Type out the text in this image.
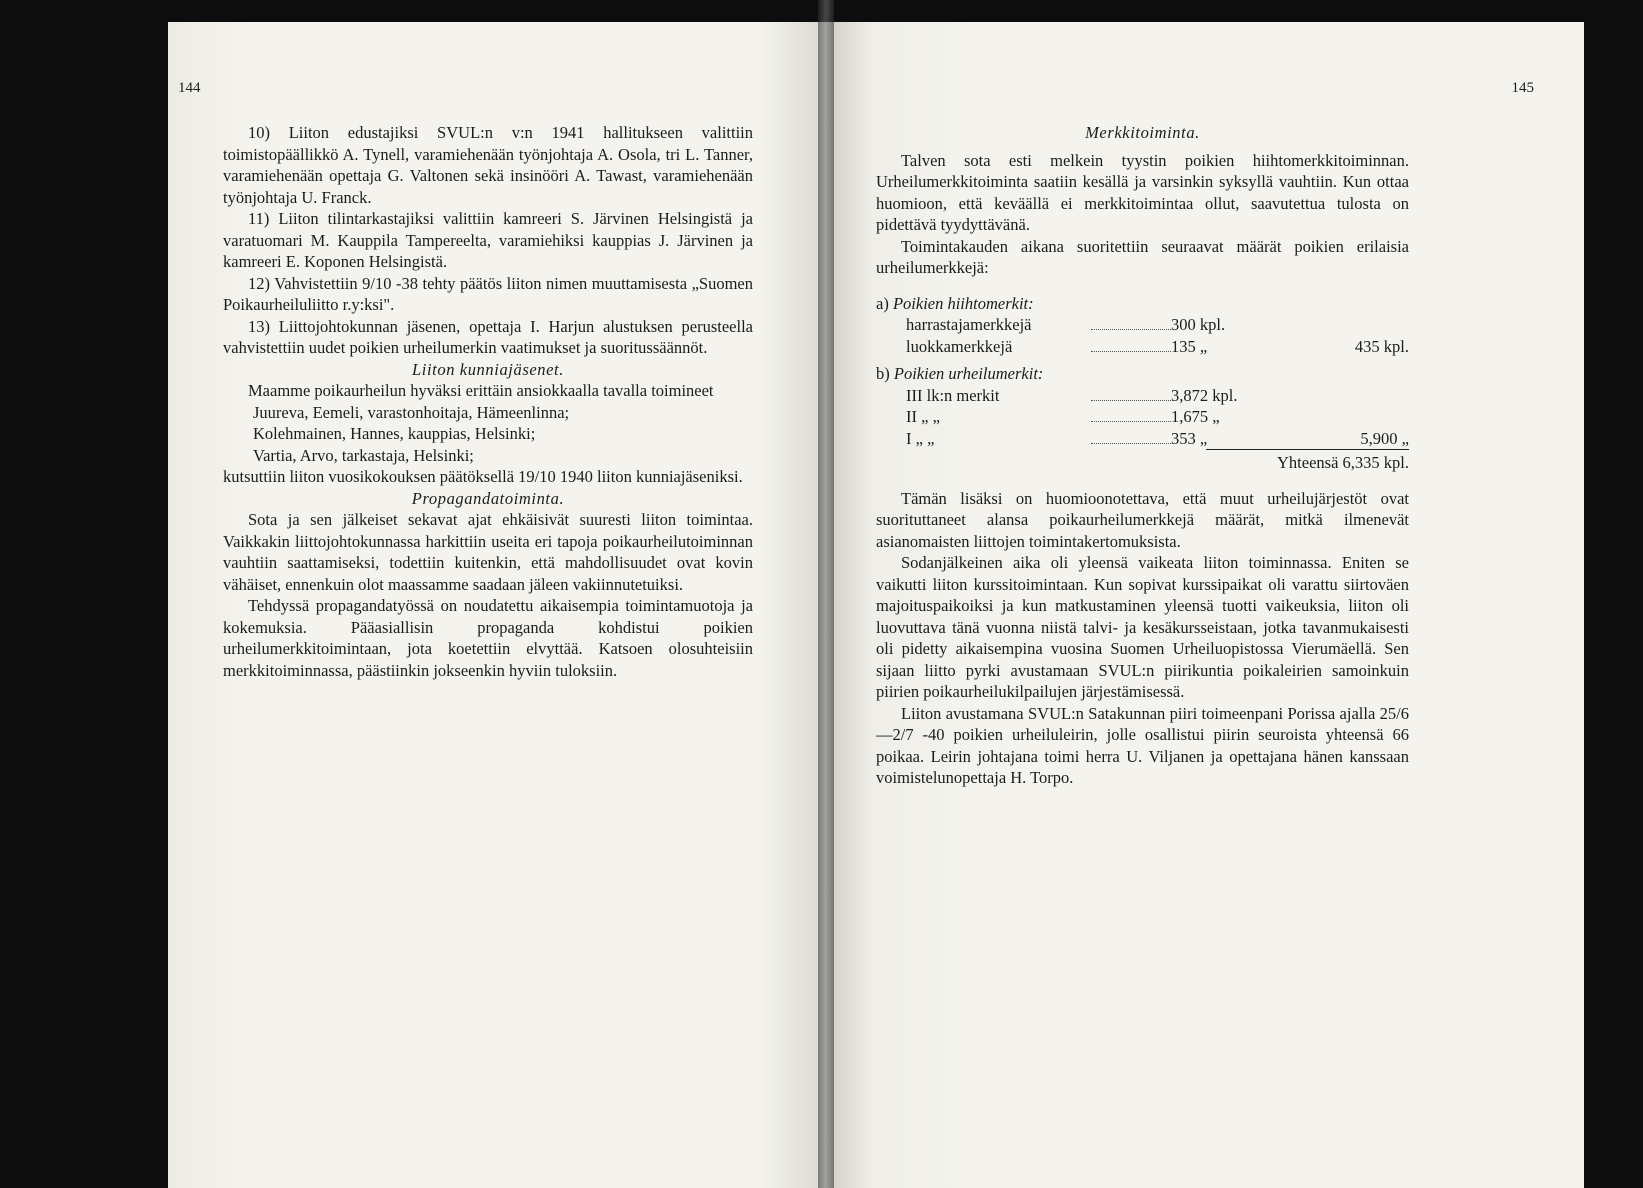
144

10) Liiton edustajiksi SVUL:n v:n 1941 hallitukseen valittiin toimistopäällikkö A. Tynell, varamiehenään työnjohtaja A. Osola, tri L. Tanner, varamiehenään opettaja G. Valtonen sekä insinööri A. Tawast, varamiehenään työnjohtaja U. Franck.

11) Liiton tilintarkastajiksi valittiin kamreeri S. Järvinen Helsingistä ja varatuomari M. Kauppila Tampereelta, varamiehiksi kauppias J. Järvinen ja kamreeri E. Koponen Helsingistä.

12) Vahvistettiin 9/10 -38 tehty päätös liiton nimen muuttamisesta „Suomen Poikaurheiluliitto r.y:ksi".

13) Liittojohtokunnan jäsenen, opettaja I. Harjun alustuksen perusteella vahvistettiin uudet poikien urheilumerkin vaatimukset ja suoritussäännöt.

Liiton kunniajäsenet.

Maamme poikaurheilun hyväksi erittäin ansiokkaalla tavalla toimineet

Juureva, Eemeli, varastonhoitaja, Hämeenlinna;

Kolehmainen, Hannes, kauppias, Helsinki;

Vartia, Arvo, tarkastaja, Helsinki;

kutsuttiin liiton vuosikokouksen päätöksellä 19/10 1940 liiton kunniajäseniksi.

Propagandatoiminta.

Sota ja sen jälkeiset sekavat ajat ehkäisivät suuresti liiton toimintaa. Vaikkakin liittojohtokunnassa harkittiin useita eri tapoja poikaurheilutoiminnan vauhtiin saattamiseksi, todettiin kuitenkin, että mahdollisuudet ovat kovin vähäiset, ennenkuin olot maassamme saadaan jäleen vakiinnutetuiksi.

Tehdyssä propagandatyössä on noudatettu aikaisempia toimintamuotoja ja kokemuksia. Pääasiallisin propaganda kohdistui poikien urheilumerkkitoimintaan, jota koetettiin elvyttää. Katsoen olosuhteisiin merkkitoiminnassa, päästiinkin jokseenkin hyviin tuloksiin.

145

Merkkitoiminta.

Talven sota esti melkein tyystin poikien hiihtomerkkitoiminnan. Urheilumerkkitoiminta saatiin kesällä ja varsinkin syksyllä vauhtiin. Kun ottaa huomioon, että keväällä ei merkkitoimintaa ollut, saavutettua tulosta on pidettävä tyydyttävänä.

Toimintakauden aikana suoritettiin seuraavat määrät poikien erilaisia urheilumerkkejä:

a) Poikien hiihtomerkit:

harrastajamerkkejä	300 kpl.
luokkamerkkejä	135 „	435 kpl.

b) Poikien urheilumerkit:

III lk:n merkit	3,872 kpl.
II „ „	1,675 „
I „ „	353 „	5,900 „
Yhteensä 6,335 kpl.

Tämän lisäksi on huomioonotettava, että muut urheilujärjestöt ovat suorituttaneet alansa poikaurheilumerkkejä määrät, mitkä ilmenevät asianomaisten liittojen toimintakertomuksista.

Sodanjälkeinen aika oli yleensä vaikeata liiton toiminnassa. Eniten se vaikutti liiton kurssitoimintaan. Kun sopivat kurssipaikat oli varattu siirtoväen majoituspaikoiksi ja kun matkustaminen yleensä tuotti vaikeuksia, liiton oli luovuttava tänä vuonna niistä talvi- ja kesäkursseistaan, jotka tavanmukaisesti oli pidetty aikaisempina vuosina Suomen Urheiluopistossa Vierumäellä. Sen sijaan liitto pyrki avustamaan SVUL:n piirikuntia poikaleirien samoinkuin piirien poikaurheilukilpailujen järjestämisessä.

Liiton avustamana SVUL:n Satakunnan piiri toimeenpani Porissa ajalla 25/6—2/7 -40 poikien urheiluleirin, jolle osallistui piirin seuroista yhteensä 66 poikaa. Leirin johtajana toimi herra U. Viljanen ja opettajana hänen kanssaan voimistelunopettaja H. Torpo.
